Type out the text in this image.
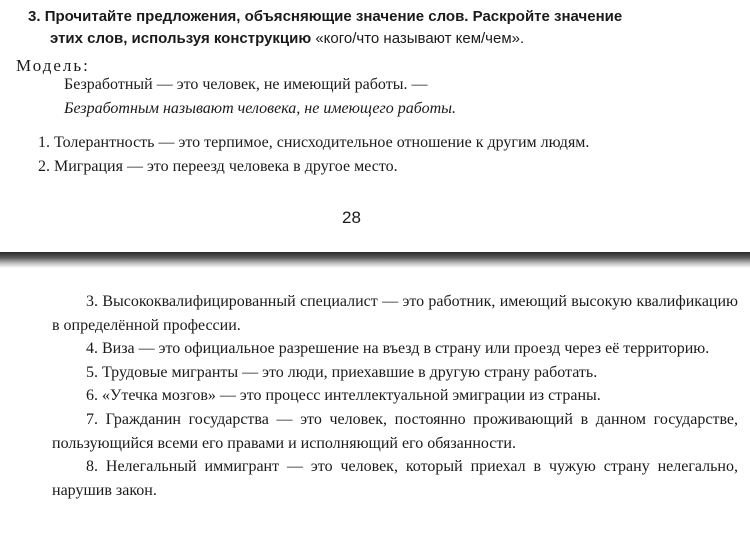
3. Прочитайте предложения, объясняющие значение слов. Раскройте значение
этих слов, используя конструкцию «кого/что называют кем/чем».
Модель:
Безработный — это человек, не имеющий работы. —
Безработным называют человека, не имеющего работы.
1. Толерантность — это терпимое, снисходительное отношение к другим людям.
2. Миграция — это переезд человека в другое место.
28

3. Высококвалифицированный специалист — это работник, имеющий высокую квалификацию в определённой профессии.

4. Виза — это официальное разрешение на въезд в страну или проезд через её территорию.

5. Трудовые мигранты — это люди, приехавшие в другую страну работать.

6. «Утечка мозгов» — это процесс интеллектуальной эмиграции из страны.

7. Гражданин государства — это человек, постоянно проживающий в данном государстве, пользующийся всеми его правами и исполняющий его обязанности.

8. Нелегальный иммигрант — это человек, который приехал в чужую страну нелегально, нарушив закон.
